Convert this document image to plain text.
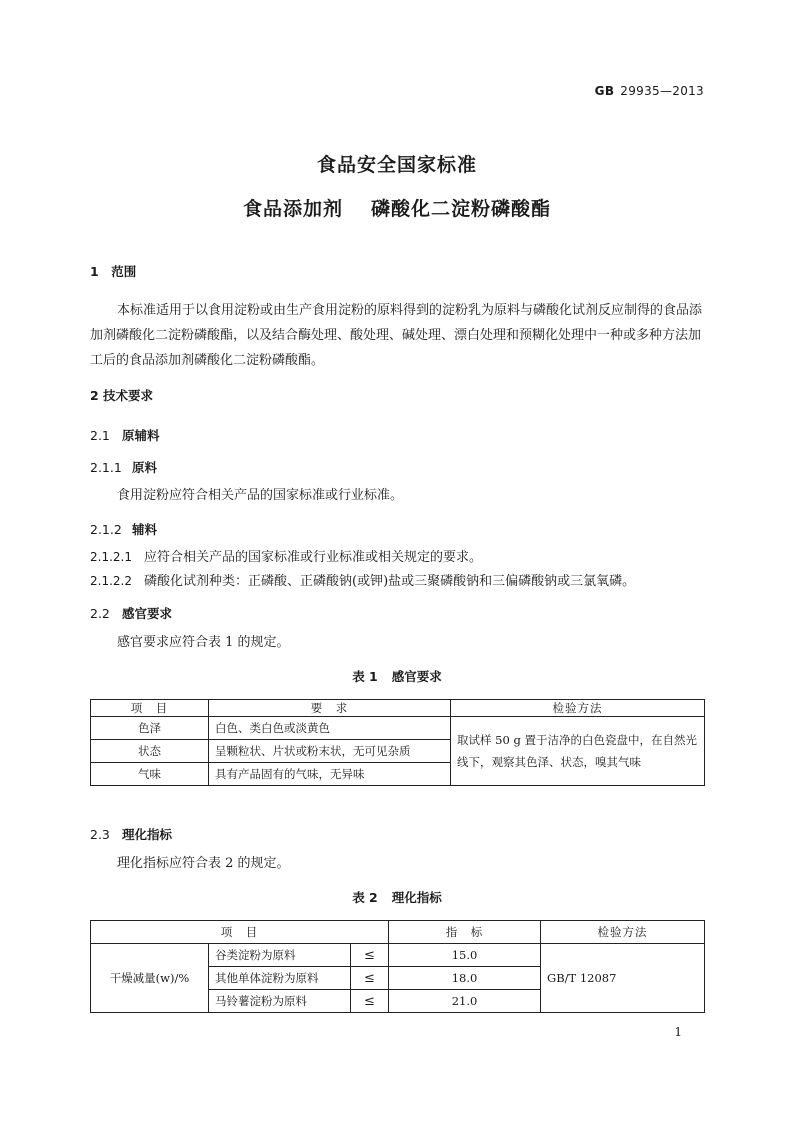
GB 29935—2013
食品安全国家标准
食品添加剂 磷酸化二淀粉磷酸酯
1　范围
本标准适用于以食用淀粉或由生产食用淀粉的原料得到的淀粉乳为原料与磷酸化试剂反应制得的食品添加剂磷酸化二淀粉磷酸酯，以及结合酶处理、酸处理、碱处理、漂白处理和预糊化处理中一种或多种方法加工后的食品添加剂磷酸化二淀粉磷酸酯。
2 技术要求
2.1 原辅料
2.1.1 原料
食用淀粉应符合相关产品的国家标准或行业标准。
2.1.2 辅料
2.1.2.1 应符合相关产品的国家标准或行业标准或相关规定的要求。
2.1.2.2 磷酸化试剂种类：正磷酸、正磷酸钠(或钾)盐或三聚磷酸钠和三偏磷酸钠或三氯氧磷。
2.2 感官要求
感官要求应符合表 1 的规定。
表 1 感官要求
项　目	要　求	检验方法
色泽	白色、类白色或淡黄色	取试样 50 g 置于洁净的白色瓷盘中，在自然光线下，观察其色泽、状态，嗅其气味
状态	呈颗粒状、片状或粉末状，无可见杂质	
气味	具有产品固有的气味，无异味	
2.3 理化指标
理化指标应符合表 2 的规定。
表 2 理化指标
项　目			指　标	检验方法
干燥减量(w)/%	谷类淀粉为原料	≤	15.0	GB/T 12087
	其他单体淀粉为原料	≤	18.0	
	马铃薯淀粉为原料	≤	21.0	
1
